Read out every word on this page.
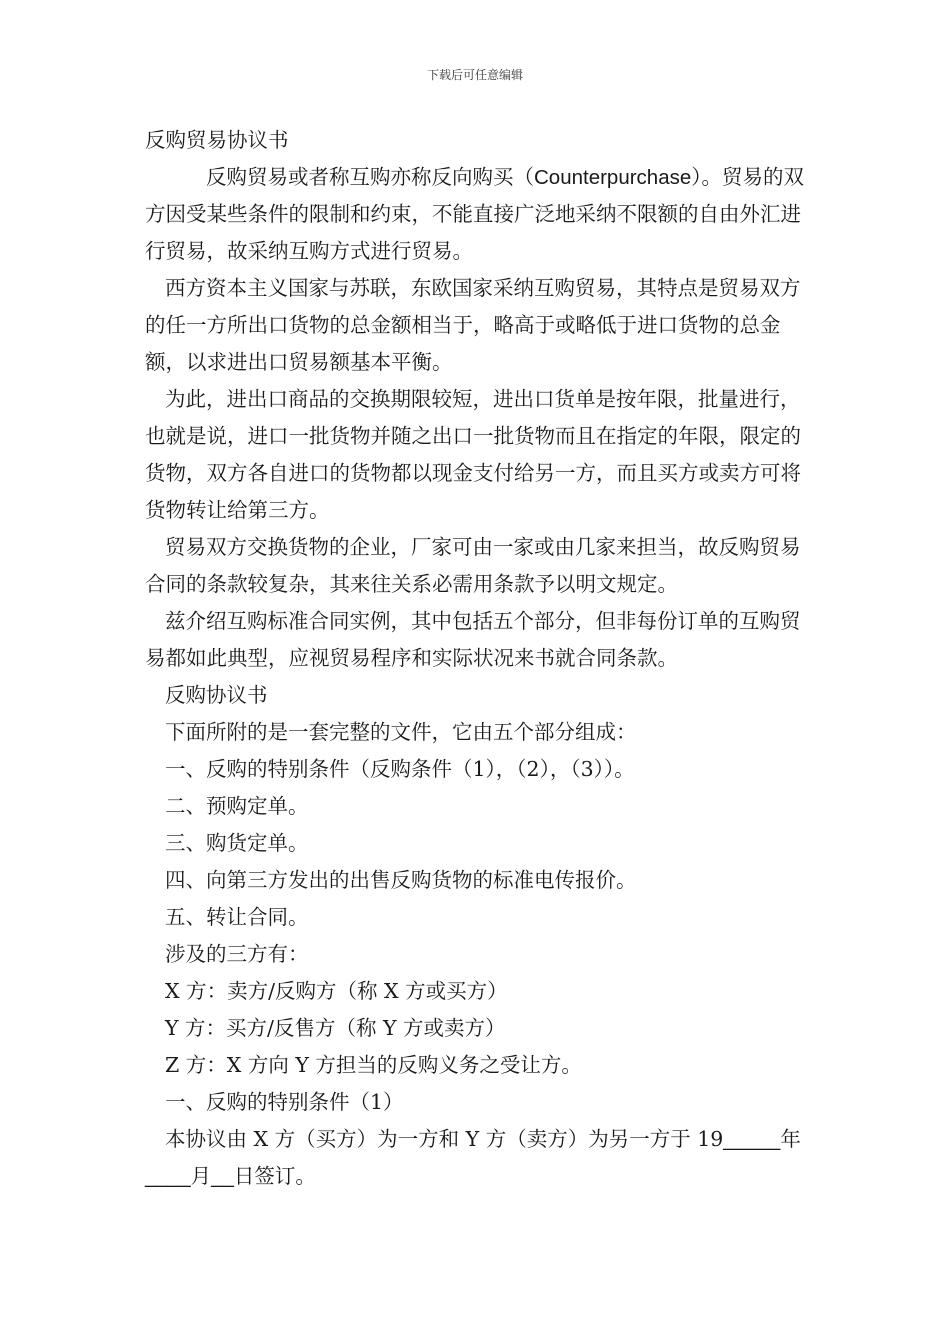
下载后可任意编辑

反购贸易协议书

反购贸易或者称互购亦称反向购买（Counterpurchase）。贸易的双方因受某些条件的限制和约束，不能直接广泛地采纳不限额的自由外汇进行贸易，故采纳互购方式进行贸易。

西方资本主义国家与苏联，东欧国家采纳互购贸易，其特点是贸易双方的任一方所出口货物的总金额相当于，略高于或略低于进口货物的总金额，以求进出口贸易额基本平衡。

为此，进出口商品的交换期限较短，进出口货单是按年限，批量进行，也就是说，进口一批货物并随之出口一批货物而且在指定的年限，限定的货物，双方各自进口的货物都以现金支付给另一方，而且买方或卖方可将货物转让给第三方。

贸易双方交换货物的企业，厂家可由一家或由几家来担当，故反购贸易合同的条款较复杂，其来往关系必需用条款予以明文规定。

兹介绍互购标准合同实例，其中包括五个部分，但非每份订单的互购贸易都如此典型，应视贸易程序和实际状况来书就合同条款。

反购协议书

下面所附的是一套完整的文件，它由五个部分组成：

一、反购的特别条件（反购条件（1），（2），（3））。

二、预购定单。

三、购货定单。

四、向第三方发出的出售反购货物的标准电传报价。

五、转让合同。

涉及的三方有：

X 方：卖方/反购方（称 X 方或买方）

Y 方：买方/反售方（称 Y 方或卖方）

Z 方：X 方向 Y 方担当的反购义务之受让方。

一、反购的特别条件（1）

本协议由 X 方（买方）为一方和 Y 方（卖方）为另一方于 19_____年____月__日签订。
